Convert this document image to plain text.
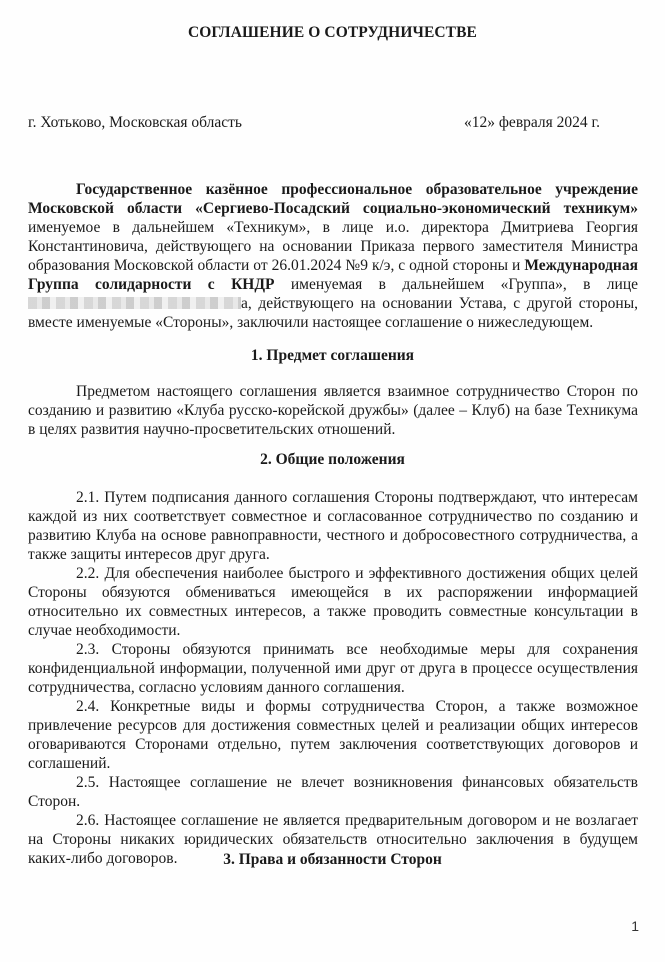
СОГЛАШЕНИЕ О СОТРУДНИЧЕСТВЕ
г. Хотьково, Московская область	«12» февраля 2024 г.
Государственное казённое профессиональное образовательное учреждение Московской области «Сергиево-Посадский социально-экономический техникум» именуемое в дальнейшем «Техникум», в лице и.о. директора Дмитриева Георгия Константиновича, действующего на основании Приказа первого заместителя Министра образования Московской области от 26.01.2024 №9 к/э, с одной стороны и Международная Группа солидарности с КНДР именуемая в дальнейшем «Группа», в лице а, действующего на основании Устава, с другой стороны, вместе именуемые «Стороны», заключили настоящее соглашение о нижеследующем.
1. Предмет соглашения
Предметом настоящего соглашения является взаимное сотрудничество Сторон по созданию и развитию «Клуба русско-корейской дружбы» (далее – Клуб) на базе Техникума в целях развития научно-просветительских отношений.
2. Общие положения

2.1. Путем подписания данного соглашения Стороны подтверждают, что интересам каждой из них соответствует совместное и согласованное сотрудничество по созданию и развитию Клуба на основе равноправности, честного и добросовестного сотрудничества, а также защиты интересов друг друга.

2.2. Для обеспечения наиболее быстрого и эффективного достижения общих целей Стороны обязуются обмениваться имеющейся в их распоряжении информацией относительно их совместных интересов, а также проводить совместные консультации в случае необходимости.

2.3. Стороны обязуются принимать все необходимые меры для сохранения конфиденциальной информации, полученной ими друг от друга в процессе осуществления сотрудничества, согласно условиям данного соглашения.

2.4. Конкретные виды и формы сотрудничества Сторон, а также возможное привлечение ресурсов для достижения совместных целей и реализации общих интересов оговариваются Сторонами отдельно, путем заключения соответствующих договоров и соглашений.

2.5. Настоящее соглашение не влечет возникновения финансовых обязательств Сторон.

2.6. Настоящее соглашение не является предварительным договором и не возлагает на Стороны никаких юридических обязательств относительно заключения в будущем каких-либо договоров.	3. Права и обязанности Сторон
1
